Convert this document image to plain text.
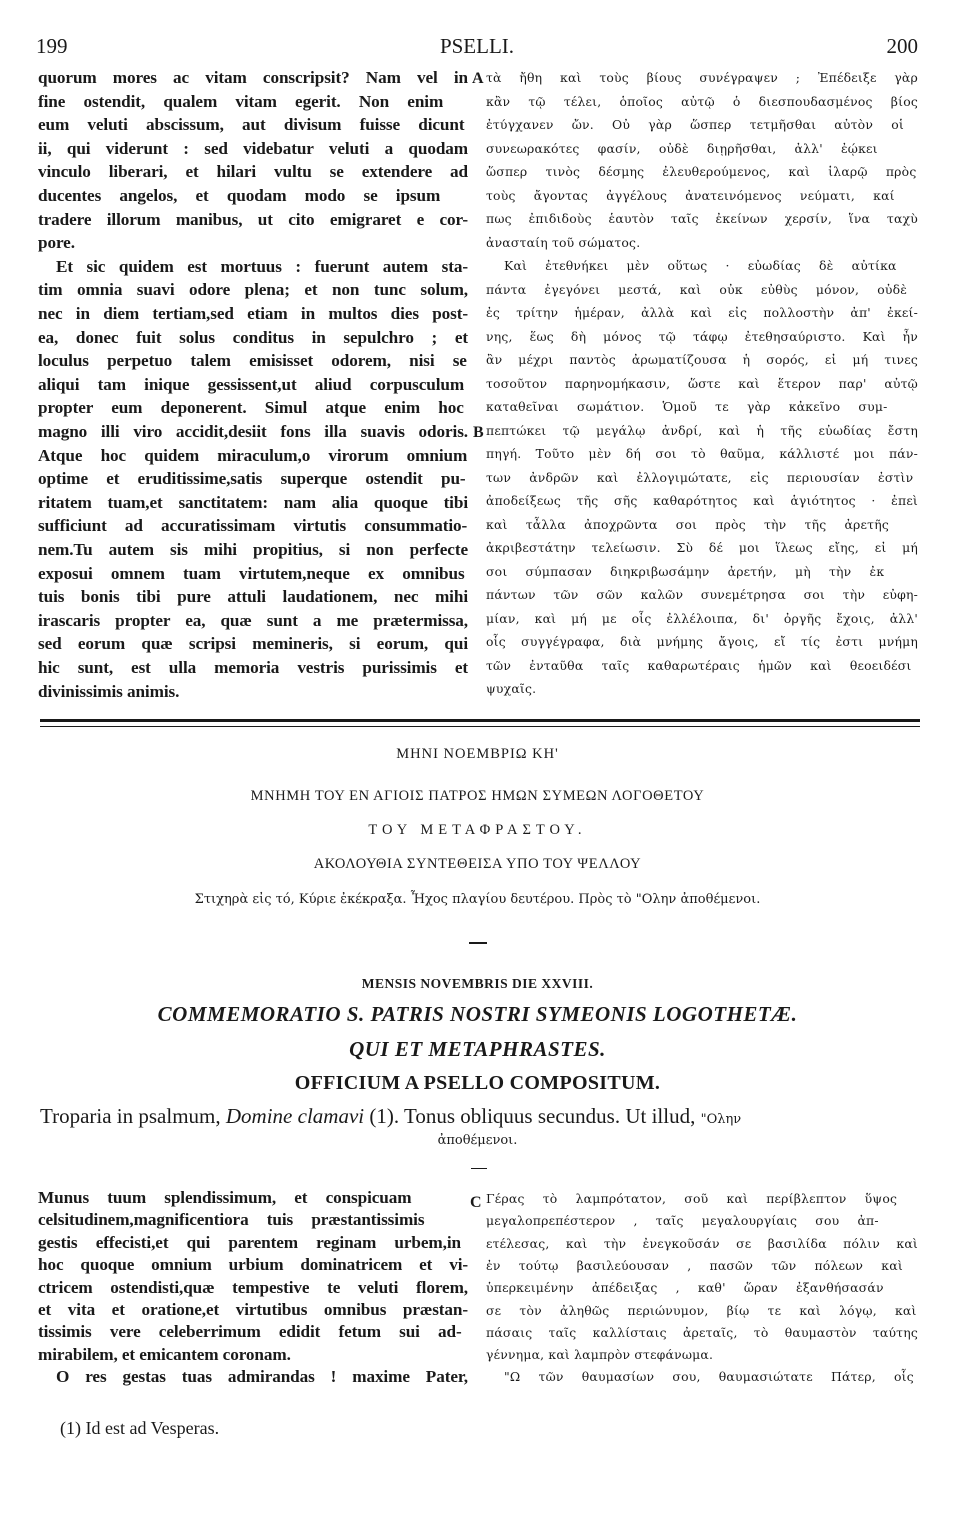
199	PSELLI.	200
quorum mores ac vitam conscripsit? Nam vel in
fine ostendit, qualem vitam egerit. Non enim
eum veluti abscissum, aut divisum fuisse dicunt
ii, qui viderunt : sed videbatur veluti a quodam
vinculo liberari, et hilari vultu se extendere ad
ducentes angelos, et quodam modo se ipsum
tradere illorum manibus, ut cito emigraret e cor-
pore.
Et sic quidem est mortuus : fuerunt autem sta-
tim omnia suavi odore plena; et non tunc solum,
nec in diem tertiam,sed etiam in multos dies post-
ea, donec fuit solus conditus in sepulchro ; et
loculus perpetuo talem emisisset odorem, nisi se
aliqui tam inique gessissent,ut aliud corpusculum
propter eum deponerent. Simul atque enim hoc
magno illi viro accidit,desiit fons illa suavis odoris.
Atque hoc quidem miraculum,o virorum omnium
optime et eruditissime,satis superque ostendit pu-
ritatem tuam,et sanctitatem: nam alia quoque tibi
sufficiunt ad accuratissimam virtutis consummatio-
nem.Tu autem sis mihi propitius, si non perfecte
exposui omnem tuam virtutem,neque ex omnibus
tuis bonis tibi pure attuli laudationem, nec mihi
irascaris propter ea, quæ sunt a me prætermissa,
sed eorum quæ scripsi memineris, si eorum, qui
hic sunt, est ulla memoria vestris purissimis et
divinissimis animis.
τὰ ἤθη καὶ τοὺς βίους συνέγραψεν ; Ἐπέδειξε γὰρ
κἂν τῷ τέλει, ὁποῖος αὐτῷ ὁ διεσπουδασμένος βίος
ἐτύγχανεν ὤν. Οὐ γὰρ ὥσπερ τετμῆσθαι αὐτὸν οἱ
συνεωρακότες φασίν, οὐδὲ διῃρῆσθαι, ἀλλ' ἐῴκει
ὥσπερ τινὸς δέσμης ἐλευθερούμενος, καὶ ἱλαρῷ πρὸς
τοὺς ἄγοντας ἀγγέλους ἀνατεινόμενος νεύματι, καί
πως ἐπιδιδοὺς ἑαυτὸν ταῖς ἐκείνων χερσίν, ἵνα ταχὺ
ἀνασταίη τοῦ σώματος.
Καὶ ἐτεθνήκει μὲν οὕτως · εὐωδίας δὲ αὐτίκα
πάντα ἐγεγόνει μεστά, καὶ οὐκ εὐθὺς μόνον, οὐδὲ
ἐς τρίτην ἡμέραν, ἀλλὰ καὶ εἰς πολλοστὴν ἀπ' ἐκεί-
νης, ἕως δὴ μόνος τῷ τάφῳ ἐτεθησαύριστο. Καὶ ἦν
ἂν μέχρι παντὸς ἀρωματίζουσα ἡ σορός, εἰ μή τινες
τοσοῦτον παρηνομήκασιν, ὥστε καὶ ἕτερον παρ' αὐτῷ
καταθεῖναι σωμάτιον. Ὁμοῦ τε γὰρ κἀκεῖνο συμ-
πεπτώκει τῷ μεγάλῳ ἀνδρί, καὶ ἡ τῆς εὐωδίας ἔστη
πηγή. Τοῦτο μὲν δή σοι τὸ θαῦμα, κάλλιστέ μοι πάν-
των ἀνδρῶν καὶ ἐλλογιμώτατε, εἰς περιουσίαν ἐστὶν
ἀποδείξεως τῆς σῆς καθαρότητος καὶ ἁγιότητος · ἐπεὶ
καὶ τἆλλα ἀποχρῶντα σοι πρὸς τὴν τῆς ἀρετῆς
ἀκριβεστάτην τελείωσιν. Σὺ δέ μοι ἵλεως εἴης, εἰ μή
σοι σύμπασαν διηκριβωσάμην ἀρετήν, μὴ τὴν ἐκ
πάντων τῶν σῶν καλῶν συνεμέτρησα σοι τὴν εὐφη-
μίαν, καὶ μή με οἷς ἐλλέλοιπα, δι' ὀργῆς ἔχοις, ἀλλ'
οἷς συγγέγραφα, διὰ μνήμης ἄγοις, εἴ τίς ἐστι μνήμη
τῶν ἐνταῦθα ταῖς καθαρωτέραις ἡμῶν καὶ θεοειδέσι
ψυχαῖς.
A
B
ΜΗΝΙ ΝΟΕΜΒΡΙΩ ΚΗ'
ΜΝΗΜΗ ΤΟΥ ΕΝ ΑΓΙΟΙΣ ΠΑΤΡΟΣ ΗΜΩΝ ΣΥΜΕΩΝ ΛΟΓΟΘΕΤΟΥ
ΤΟΥ ΜΕΤΑΦΡΑΣΤΟΥ.
ΑΚΟΛΟΥΘΙΑ ΣΥΝΤΕΘΕΙΣΑ ΥΠΟ ΤΟΥ ΨΕΛΛΟΥ
Στιχηρὰ εἰς τό, Κύριε ἐκέκραξα. Ἦχος πλαγίου δευτέρου. Πρὸς τὸ "Ολην ἀποθέμενοι.
MENSIS NOVEMBRIS DIE XXVIII.
COMMEMORATIO S. PATRIS NOSTRI SYMEONIS LOGOTHETÆ.
QUI ET METAPHRASTES.
OFFICIUM A PSELLO COMPOSITUM.
Troparia in psalmum, Domine clamavi (1). Tonus obliquus secundus. Ut illud, "Ολην
ἀποθέμενοι.
Munus tuum splendissimum, et conspicuam
celsitudinem,magnificentiora tuis præstantissimis
gestis effecisti,et qui parentem reginam urbem,in
hoc quoque omnium urbium dominatricem et vi-
ctricem ostendisti,quæ tempestive te veluti florem,
et vita et oratione,et virtutibus omnibus præstan-
tissimis vere celeberrimum edidit fetum sui ad-
mirabilem, et emicantem coronam.
O res gestas tuas admirandas ! maxime Pater,
Γέρας τὸ λαμπρότατον, σοῦ καὶ περίβλεπτον ὕψος
μεγαλοπρεπέστερον , ταῖς μεγαλουργίαις σου ἀπ-
ετέλεσας, καὶ τὴν ἐνεγκοῦσάν σε βασιλίδα πόλιν καὶ
ἐν τούτῳ βασιλεύουσαν , πασῶν τῶν πόλεων καὶ
ὑπερκειμένην ἀπέδειξας , καθ' ὥραν ἐξανθήσασάν
σε τὸν ἀληθῶς περιώνυμον, βίῳ τε καὶ λόγῳ, καὶ
πάσαις ταῖς καλλίσταις ἀρεταῖς, τὸ θαυμαστὸν ταύτης
γέννημα, καὶ λαμπρὸν στεφάνωμα.
"Ω τῶν θαυμασίων σου, θαυμασιώτατε Πάτερ, οἷς
C
(1) Id est ad Vesperas.
